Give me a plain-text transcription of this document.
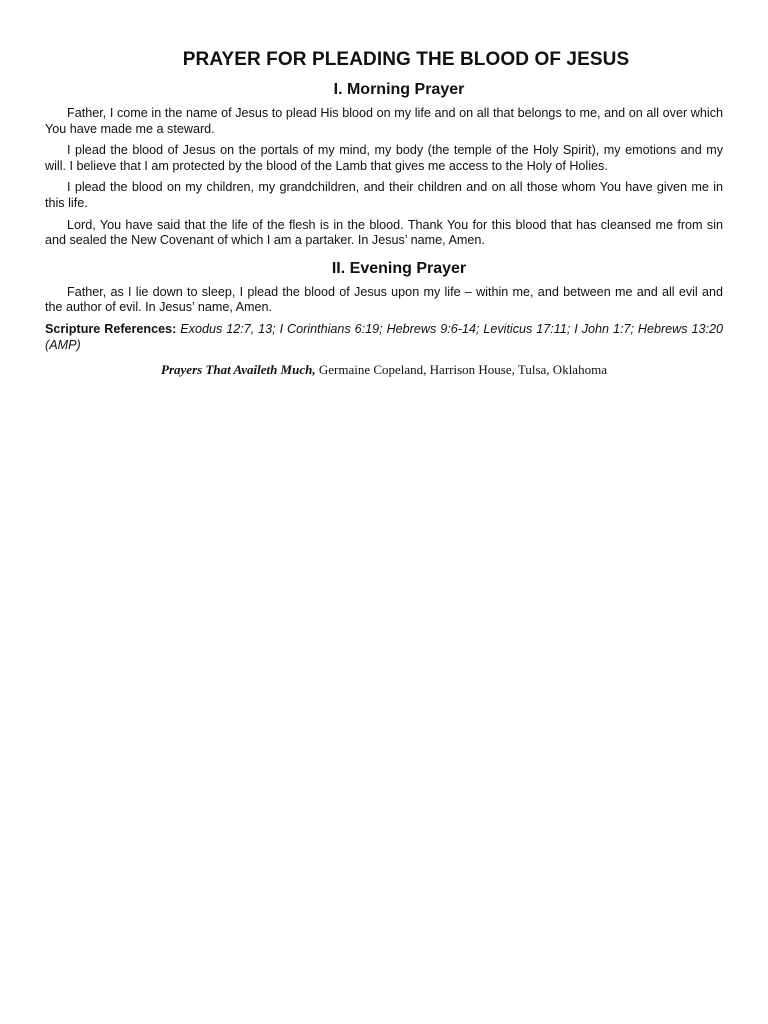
PRAYER FOR PLEADING THE BLOOD OF JESUS
I. Morning Prayer

Father, I come in the name of Jesus to plead His blood on my life and on all that belongs to me, and on all over which You have made me a steward.

I plead the blood of Jesus on the portals of my mind, my body (the temple of the Holy Spirit), my emotions and my will. I believe that I am protected by the blood of the Lamb that gives me access to the Holy of Holies.

I plead the blood on my children, my grandchildren, and their children and on all those whom You have given me in this life.

Lord, You have said that the life of the flesh is in the blood. Thank You for this blood that has cleansed me from sin and sealed the New Covenant of which I am a partaker. In Jesus’ name, Amen.

II. Evening Prayer

Father, as I lie down to sleep, I plead the blood of Jesus upon my life – within me, and between me and all evil and the author of evil. In Jesus’ name, Amen.

Scripture References: Exodus 12:7, 13; I Corinthians 6:19; Hebrews 9:6-14; Leviticus 17:11; I John 1:7; Hebrews 13:20 (AMP)

Prayers That Availeth Much, Germaine Copeland, Harrison House, Tulsa, Oklahoma
